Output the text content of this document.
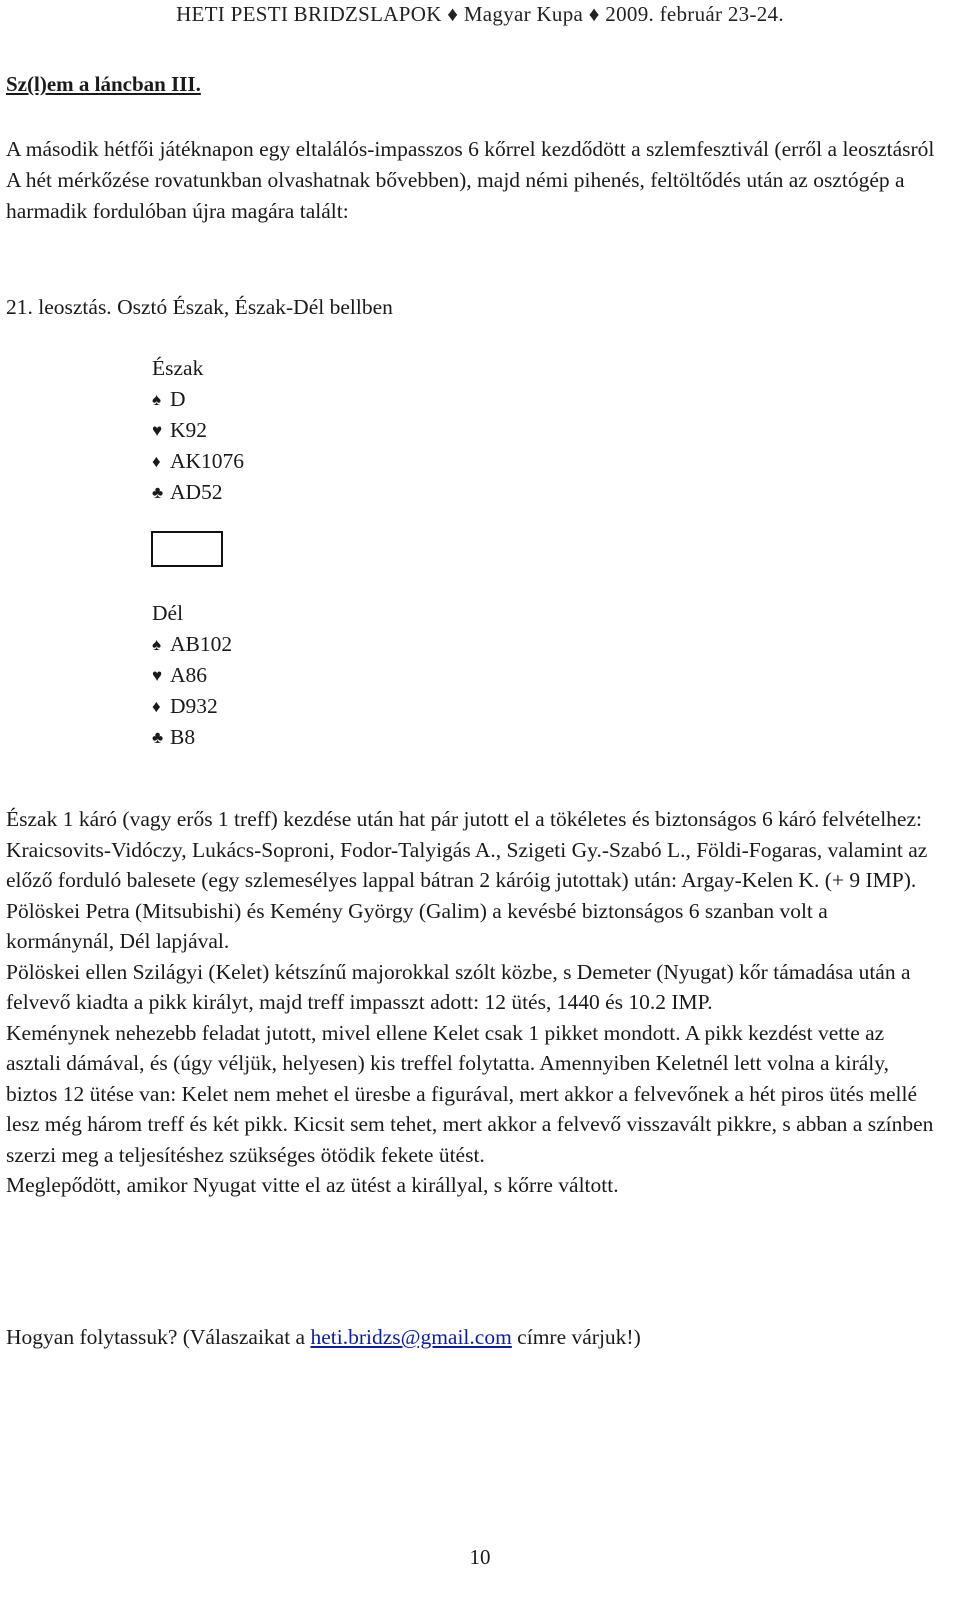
HETI PESTI BRIDZSLAPOK ♦ Magyar Kupa ♦ 2009. február 23-24.
Sz(l)em a láncban III.

A második hétfői játéknapon egy eltalálós-impasszos 6 kőrrel kezdődött a szlemfesztivál (erről a leosztásról A hét mérkőzése rovatunkban olvashatnak bővebben), majd némi pihenés, feltöltődés után az osztógép a harmadik fordulóban újra magára talált:

21. leosztás. Osztó Észak, Észak-Dél bellben
Észak
♠ D
♥ K92
♦ AK1076
♣ AD52
Dél
♠ AB102
♥ A86
♦ D932
♣ B8

Észak 1 káró (vagy erős 1 treff) kezdése után hat pár jutott el a tökéletes és biztonságos 6 káró felvételhez: Kraicsovits-Vidóczy, Lukács-Soproni, Fodor-Talyigás A., Szigeti Gy.-Szabó L., Földi-Fogaras, valamint az előző forduló balesete (egy szlemesélyes lappal bátran 2 káróig jutottak) után: Argay-Kelen K. (+ 9 IMP).

Pölöskei Petra (Mitsubishi) és Kemény György (Galim) a kevésbé biztonságos 6 szanban volt a kormánynál, Dél lapjával.

Pölöskei ellen Szilágyi (Kelet) kétszínű majorokkal szólt közbe, s Demeter (Nyugat) kőr támadása után a felvevő kiadta a pikk királyt, majd treff impasszt adott: 12 ütés, 1440 és 10.2 IMP.

Keménynek nehezebb feladat jutott, mivel ellene Kelet csak 1 pikket mondott. A pikk kezdést vette az asztali dámával, és (úgy véljük, helyesen) kis treffel folytatta. Amennyiben Keletnél lett volna a király, biztos 12 ütése van: Kelet nem mehet el üresbe a figurával, mert akkor a felvevőnek a hét piros ütés mellé lesz még három treff és két pikk. Kicsit sem tehet, mert akkor a felvevő visszavált pikkre, s abban a színben szerzi meg a teljesítéshez szükséges ötödik fekete ütést.

Meglepődött, amikor Nyugat vitte el az ütést a királlyal, s kőrre váltott.

Hogyan folytassuk? (Válaszaikat a heti.bridzs@gmail.com címre várjuk!)
10
